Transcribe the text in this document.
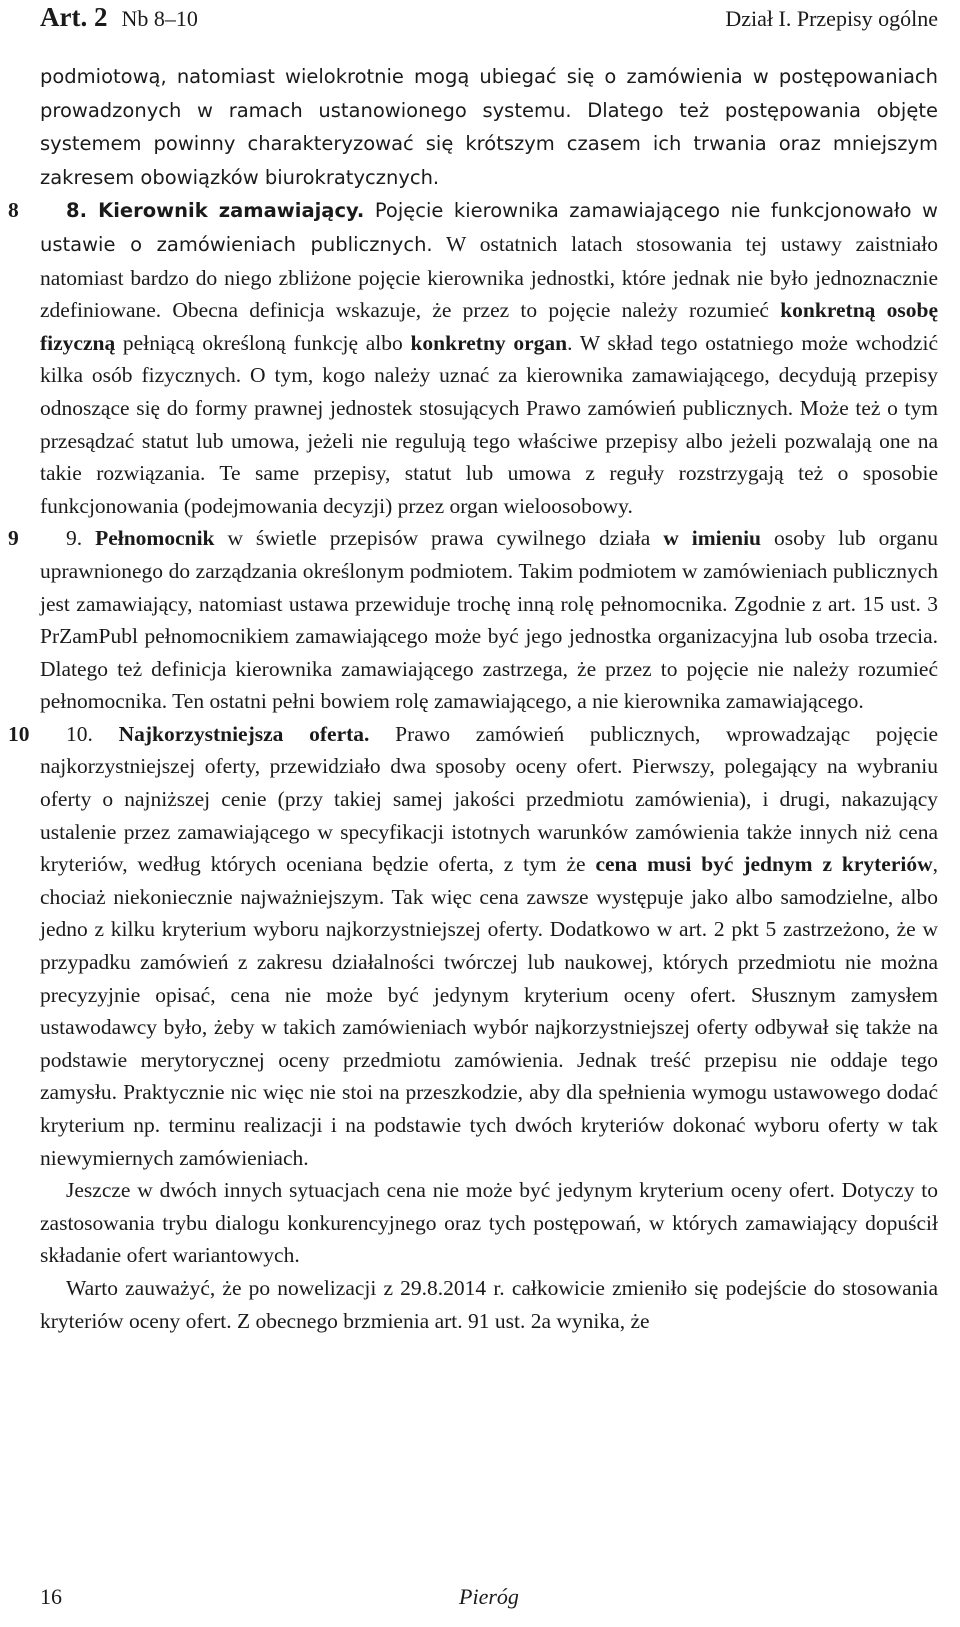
Art. 2 Nb 8–10	Dział I. Przepisy ogólne

podmiotową, natomiast wielokrotnie mogą ubiegać się o zamówienia w postępowaniach prowadzonych w ramach ustanowionego systemu. Dlatego też postępowania objęte systemem powinny charakteryzować się krótszym czasem ich trwania oraz mniejszym zakresem obowiązków biurokratycznych.

8	8. Kierownik zamawiający. Pojęcie kierownika zamawiającego nie funkcjonowało w ustawie o zamówieniach publicznych. W ostatnich latach stosowania tej ustawy zaistniało natomiast bardzo do niego zbliżone pojęcie kierownika jednostki, które jednak nie było jednoznacznie zdefiniowane. Obecna definicja wskazuje, że przez to pojęcie należy rozumieć konkretną osobę fizyczną pełniącą określoną funkcję albo konkretny organ. W skład tego ostatniego może wchodzić kilka osób fizycznych. O tym, kogo należy uznać za kierownika zamawiającego, decydują przepisy odnoszące się do formy prawnej jednostek stosujących Prawo zamówień publicznych. Może też o tym przesądzać statut lub umowa, jeżeli nie regulują tego właściwe przepisy albo jeżeli pozwalają one na takie rozwiązania. Te same przepisy, statut lub umowa z reguły rozstrzygają też o sposobie funkcjonowania (podejmowania decyzji) przez organ wieloosobowy.

9	9. Pełnomocnik w świetle przepisów prawa cywilnego działa w imieniu osoby lub organu uprawnionego do zarządzania określonym podmiotem. Takim podmiotem w zamówieniach publicznych jest zamawiający, natomiast ustawa przewiduje trochę inną rolę pełnomocnika. Zgodnie z art. 15 ust. 3 PrZamPubl pełnomocnikiem zamawiającego może być jego jednostka organizacyjna lub osoba trzecia. Dlatego też definicja kierownika zamawiającego zastrzega, że przez to pojęcie nie należy rozumieć pełnomocnika. Ten ostatni pełni bowiem rolę zamawiającego, a nie kierownika zamawiającego.

10	10. Najkorzystniejsza oferta. Prawo zamówień publicznych, wprowadzając pojęcie najkorzystniejszej oferty, przewidziało dwa sposoby oceny ofert. Pierwszy, polegający na wybraniu oferty o najniższej cenie (przy takiej samej jakości przedmiotu zamówienia), i drugi, nakazujący ustalenie przez zamawiającego w specyfikacji istotnych warunków zamówienia także innych niż cena kryteriów, według których oceniana będzie oferta, z tym że cena musi być jednym z kryteriów, chociaż niekoniecznie najważniejszym. Tak więc cena zawsze występuje jako albo samodzielne, albo jedno z kilku kryterium wyboru najkorzystniejszej oferty. Dodatkowo w art. 2 pkt 5 zastrzeżono, że w przypadku zamówień z zakresu działalności twórczej lub naukowej, których przedmiotu nie można precyzyjnie opisać, cena nie może być jedynym kryterium oceny ofert. Słusznym zamysłem ustawodawcy było, żeby w takich zamówieniach wybór najkorzystniejszej oferty odbywał się także na podstawie merytorycznej oceny przedmiotu zamówienia. Jednak treść przepisu nie oddaje tego zamysłu. Praktycznie nic więc nie stoi na przeszkodzie, aby dla spełnienia wymogu ustawowego dodać kryterium np. terminu realizacji i na podstawie tych dwóch kryteriów dokonać wyboru oferty w tak niewymiernych zamówieniach.

Jeszcze w dwóch innych sytuacjach cena nie może być jedynym kryterium oceny ofert. Dotyczy to zastosowania trybu dialogu konkurencyjnego oraz tych postępowań, w których zamawiający dopuścił składanie ofert wariantowych.

Warto zauważyć, że po nowelizacji z 29.8.2014 r. całkowicie zmieniło się podejście do stosowania kryteriów oceny ofert. Z obecnego brzmienia art. 91 ust. 2a wynika, że

16	Pieróg
